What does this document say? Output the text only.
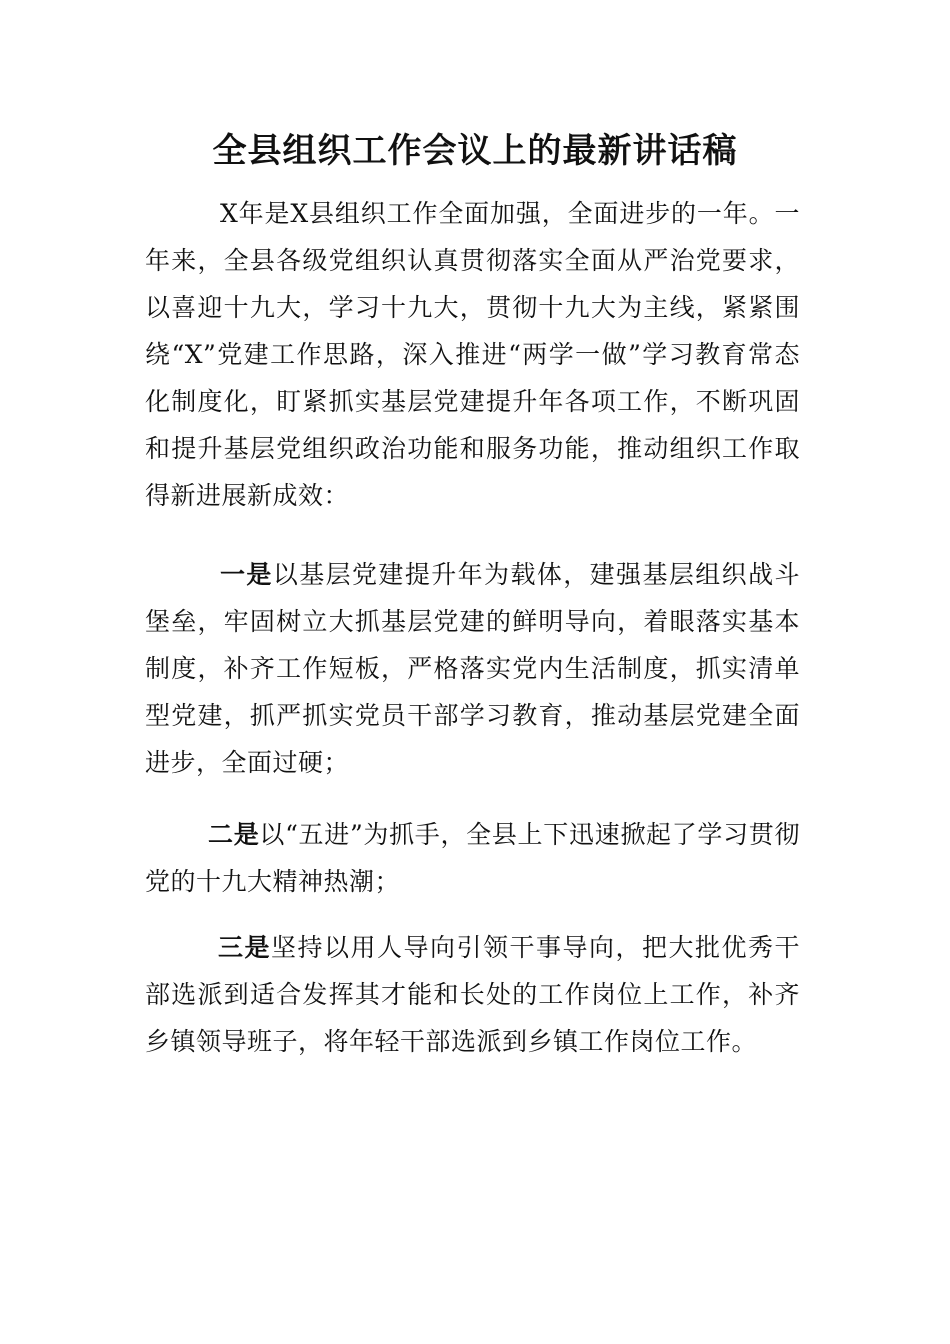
全县组织工作会议上的最新讲话稿

X年是X县组织工作全面加强，全面进步的一年。一年来，全县各级党组织认真贯彻落实全面从严治党要求，以喜迎十九大，学习十九大，贯彻十九大为主线，紧紧围绕“X”党建工作思路，深入推进“两学一做”学习教育常态化制度化，盯紧抓实基层党建提升年各项工作，不断巩固和提升基层党组织政治功能和服务功能，推动组织工作取得新进展新成效：

一是以基层党建提升年为载体，建强基层组织战斗堡垒，牢固树立大抓基层党建的鲜明导向，着眼落实基本制度，补齐工作短板，严格落实党内生活制度，抓实清单型党建，抓严抓实党员干部学习教育，推动基层党建全面进步，全面过硬；

二是以“五进”为抓手，全县上下迅速掀起了学习贯彻党的十九大精神热潮；

三是坚持以用人导向引领干事导向，把大批优秀干部选派到适合发挥其才能和长处的工作岗位上工作，补齐乡镇领导班子，将年轻干部选派到乡镇工作岗位工作。
